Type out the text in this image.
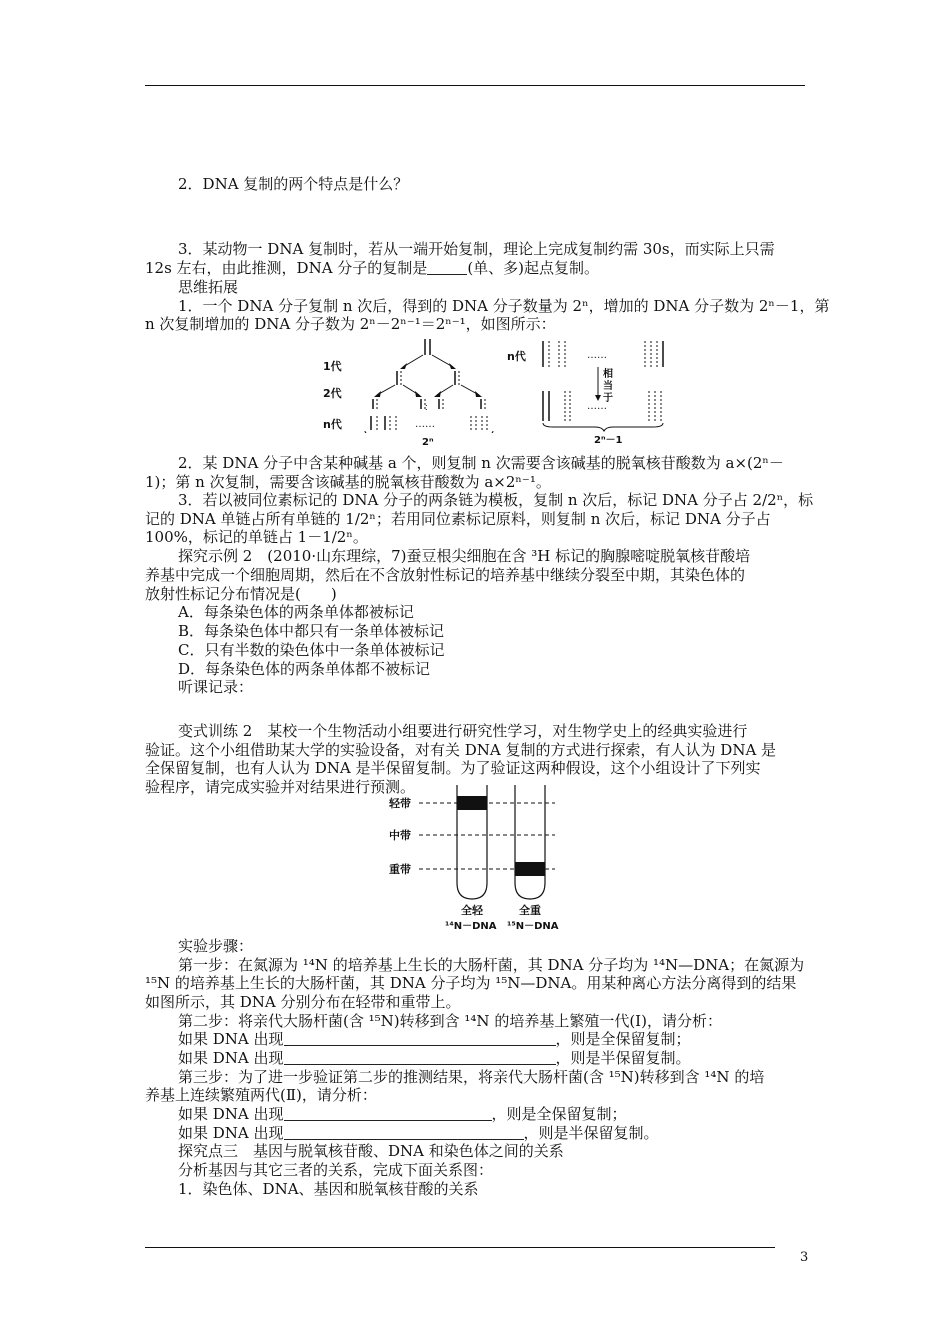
2．DNA 复制的两个特点是什么？
3．某动物一 DNA 复制时，若从一端开始复制，理论上完成复制约需 30s，而实际上只需
12s 左右，由此推测，DNA 分子的复制是	(单、多)起点复制。
思维拓展
1．一个 DNA 分子复制 n 次后，得到的 DNA 分子数量为 2ⁿ，增加的 DNA 分子数为 2ⁿ－1，第
n 次复制增加的 DNA 分子数为 2ⁿ－2ⁿ⁻¹＝2ⁿ⁻¹，如图所示：
1代
2代
n代
n代
∶
……
……
……
相
当
于
2ⁿ	2ⁿ－1
2．某 DNA 分子中含某种碱基 a 个，则复制 n 次需要含该碱基的脱氧核苷酸数为 a×(2ⁿ－
1)；第 n 次复制，需要含该碱基的脱氧核苷酸数为 a×2ⁿ⁻¹。
3．若以被同位素标记的 DNA 分子的两条链为模板，复制 n 次后，标记 DNA 分子占 2/2ⁿ，标
记的 DNA 单链占所有单链的 1/2ⁿ；若用同位素标记原料，则复制 n 次后，标记 DNA 分子占
100%，标记的单链占 1－1/2ⁿ。
探究示例 2　(2010·山东理综，7)蚕豆根尖细胞在含 ³H 标记的胸腺嘧啶脱氧核苷酸培
养基中完成一个细胞周期，然后在不含放射性标记的培养基中继续分裂至中期，其染色体的
放射性标记分布情况是(　　)
A．每条染色体的两条单体都被标记
B．每条染色体中都只有一条单体被标记
C．只有半数的染色体中一条单体被标记
D．每条染色体的两条单体都不被标记
听课记录：
变式训练 2　某校一个生物活动小组要进行研究性学习，对生物学史上的经典实验进行
验证。这个小组借助某大学的实验设备，对有关 DNA 复制的方式进行探索，有人认为 DNA 是
全保留复制，也有人认为 DNA 是半保留复制。为了验证这两种假设，这个小组设计了下列实
验程序，请完成实验并对结果进行预测。
轻带
中带
重带
全轻	全重
¹⁴N－DNA ¹⁵N－DNA
实验步骤：
第一步：在氮源为 ¹⁴N 的培养基上生长的大肠杆菌，其 DNA 分子均为 ¹⁴N—DNA；在氮源为
¹⁵N 的培养基上生长的大肠杆菌，其 DNA 分子均为 ¹⁵N—DNA。用某种离心方法分离得到的结果
如图所示，其 DNA 分别分布在轻带和重带上。
第二步：将亲代大肠杆菌(含 ¹⁵N)转移到含 ¹⁴N 的培养基上繁殖一代(Ⅰ)，请分析：
如果 DNA 出现	，则是全保留复制；
如果 DNA 出现	，则是半保留复制。
第三步：为了进一步验证第二步的推测结果，将亲代大肠杆菌(含 ¹⁵N)转移到含 ¹⁴N 的培
养基上连续繁殖两代(Ⅱ)，请分析：
如果 DNA 出现	，则是全保留复制；
如果 DNA 出现	，则是半保留复制。
探究点三　基因与脱氧核苷酸、DNA 和染色体之间的关系
分析基因与其它三者的关系，完成下面关系图：
1．染色体、DNA、基因和脱氧核苷酸的关系
3
